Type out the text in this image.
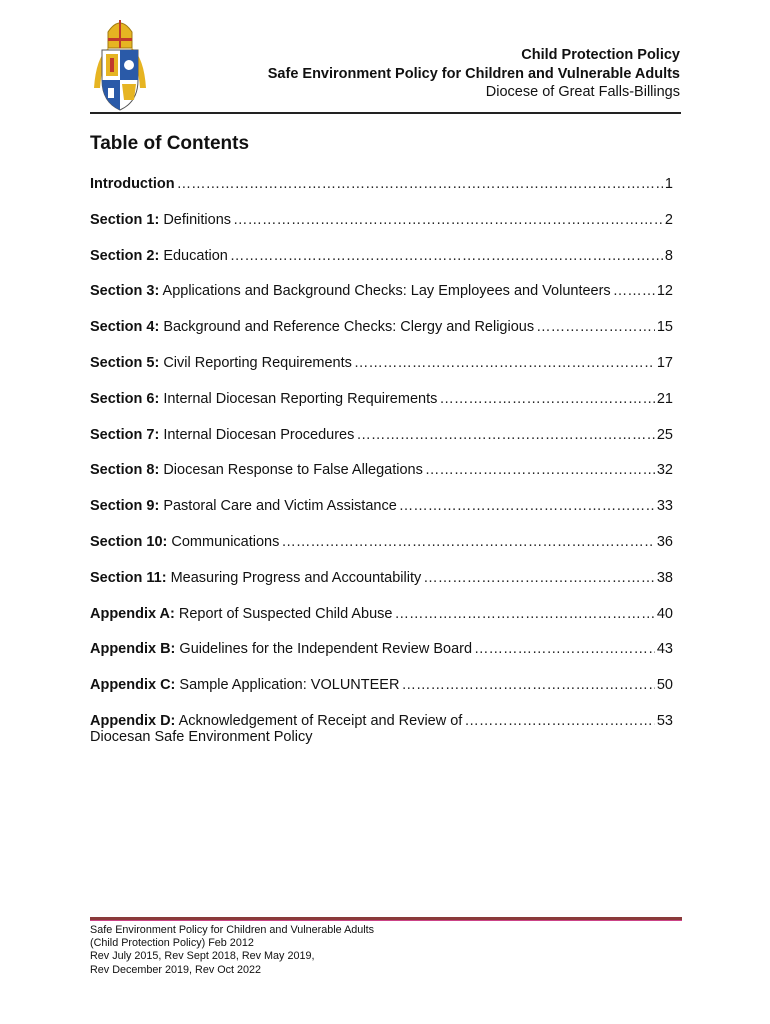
Child Protection Policy
Safe Environment Policy for Children and Vulnerable Adults
Diocese of Great Falls-Billings
Table of Contents
Introduction ……………………………………………………………………………………………………………………………………………………………………	1
Section 1: Definitions ……………………………………………………………………………………………………………………………………………………………………	2
Section 2: Education ……………………………………………………………………………………………………………………………………………………………………	8
Section 3: Applications and Background Checks: Lay Employees and Volunteers ……………………………………………………………………………………………………………………………………………………………………	12
Section 4: Background and Reference Checks: Clergy and Religious ……………………………………………………………………………………………………………………………………………………………………	15
Section 5: Civil Reporting Requirements ……………………………………………………………………………………………………………………………………………………………………	17
Section 6: Internal Diocesan Reporting Requirements ……………………………………………………………………………………………………………………………………………………………………	21
Section 7: Internal Diocesan Procedures ……………………………………………………………………………………………………………………………………………………………………	25
Section 8: Diocesan Response to False Allegations ……………………………………………………………………………………………………………………………………………………………………	32
Section 9: Pastoral Care and Victim Assistance ……………………………………………………………………………………………………………………………………………………………………	33
Section 10: Communications ……………………………………………………………………………………………………………………………………………………………………	36
Section 11: Measuring Progress and Accountability ……………………………………………………………………………………………………………………………………………………………………	38
Appendix A: Report of Suspected Child Abuse ……………………………………………………………………………………………………………………………………………………………………	40
Appendix B: Guidelines for the Independent Review Board ……………………………………………………………………………………………………………………………………………………………………	43
Appendix C: Sample Application: VOLUNTEER ……………………………………………………………………………………………………………………………………………………………………	50
Appendix D: Acknowledgement of Receipt and Review of ……………………………………………………………………………………………………………………………………………………………………	53
Diocesan Safe Environment Policy
Safe Environment Policy for Children and Vulnerable Adults
(Child Protection Policy) Feb 2012
Rev July 2015, Rev Sept 2018, Rev May 2019,
Rev December 2019, Rev Oct 2022
